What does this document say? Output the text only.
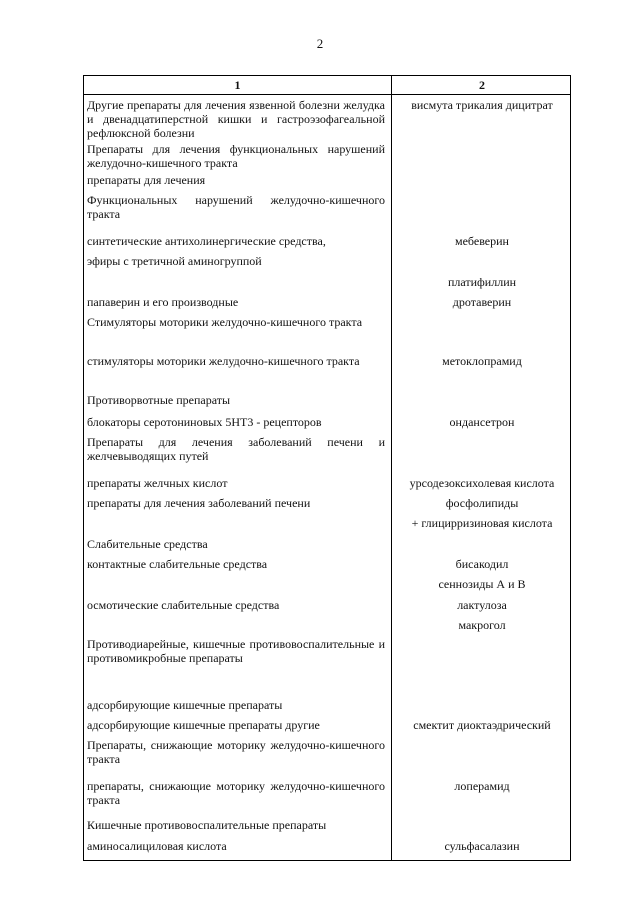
2
1	2
Другие препараты для лечения язвенной болезни желудка и двенадцатиперстной кишки и гастроэзофагеальной рефлюксной болезни
Препараты для лечения функциональных нарушений желудочно-кишечного тракта
препараты для лечения
Функциональных нарушений желудочно-кишечного тракта
синтетические антихолинергические средства,
эфиры с третичной аминогруппой
папаверин и его производные
Стимуляторы моторики желудочно-кишечного тракта
стимуляторы моторики желудочно-кишечного тракта
Противорвотные препараты
блокаторы серотониновых 5НТ3 - рецепторов
Препараты для лечения заболеваний печени и желчевыводящих путей
препараты желчных кислот
препараты для лечения заболеваний печени
Слабительные средства
контактные слабительные средства
осмотические слабительные средства
Противодиарейные, кишечные противовоспалительные и противомикробные препараты
адсорбирующие кишечные препараты
адсорбирующие кишечные препараты другие
Препараты, снижающие моторику желудочно-кишечного тракта
препараты, снижающие моторику желудочно-кишечного тракта
Кишечные противовоспалительные препараты
аминосалициловая кислота
висмута трикалия дицитрат
мебеверин
платифиллин
дротаверин
метоклопрамид
ондансетрон
урсодезоксихолевая кислота
фосфолипиды
+ глицирризиновая кислота
бисакодил
сеннозиды А и В
лактулоза
макрогол
смектит диоктаэдрический
лоперамид
сульфасалазин
